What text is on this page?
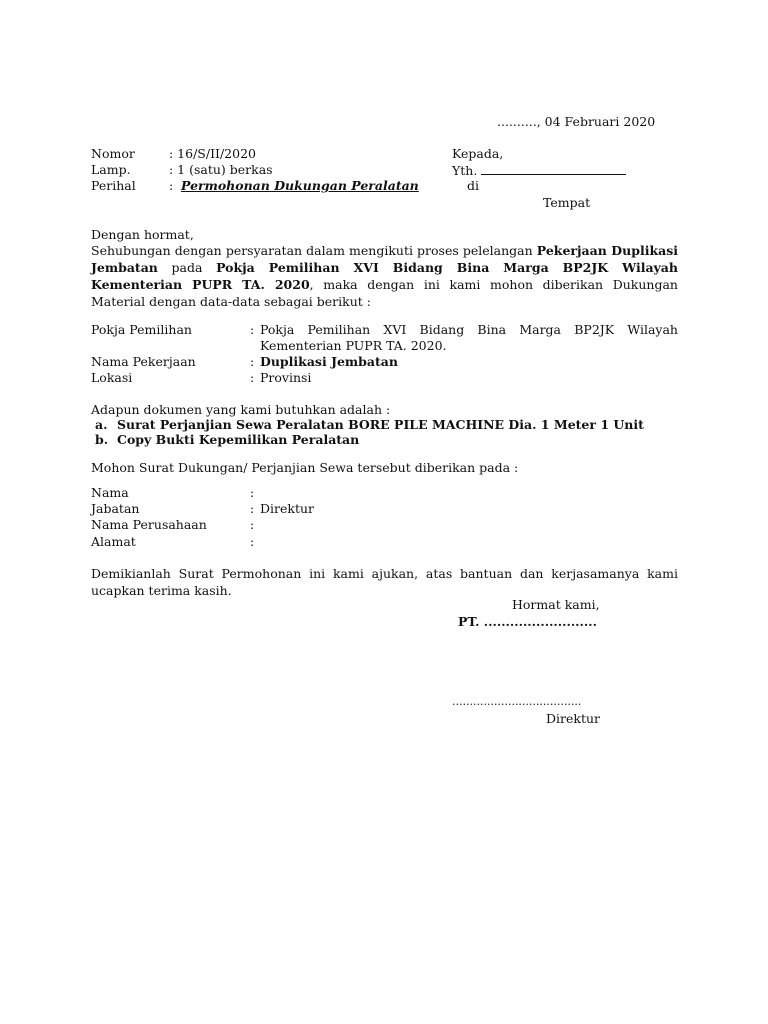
.........., 04 Februari 2020
Nomor	: 16/S/II/2020
Lamp.	: 1 (satu) berkas
Perihal	: Permohonan Dukungan Peralatan
Kepada,
Yth.
di
Tempat
Dengan hormat,
Sehubungan dengan persyaratan dalam mengikuti proses pelelangan Pekerjaan Duplikasi Jembatan pada Pokja Pemilihan XVI Bidang Bina Marga BP2JK Wilayah Kementerian PUPR TA. 2020, maka dengan ini kami mohon diberikan Dukungan Material dengan data-data sebagai berikut :
Pokja Pemilihan	: Pokja Pemilihan XVI Bidang Bina Marga BP2JK Wilayah
Kementerian PUPR TA. 2020.
Nama Pekerjaan	: Duplikasi Jembatan
Lokasi	: Provinsi
Adapun dokumen yang kami butuhkan adalah :
a. Surat Perjanjian Sewa Peralatan BORE PILE MACHINE Dia. 1 Meter 1 Unit
b. Copy Bukti Kepemilikan Peralatan
Mohon Surat Dukungan/ Perjanjian Sewa tersebut diberikan pada :
Nama	:
Jabatan	: Direktur
Nama Perusahaan	:
Alamat	:
Demikianlah Surat Permohonan ini kami ajukan, atas bantuan dan kerjasamanya kami ucapkan terima kasih.
Hormat kami,
PT. ..........................
.....................................
Direktur
